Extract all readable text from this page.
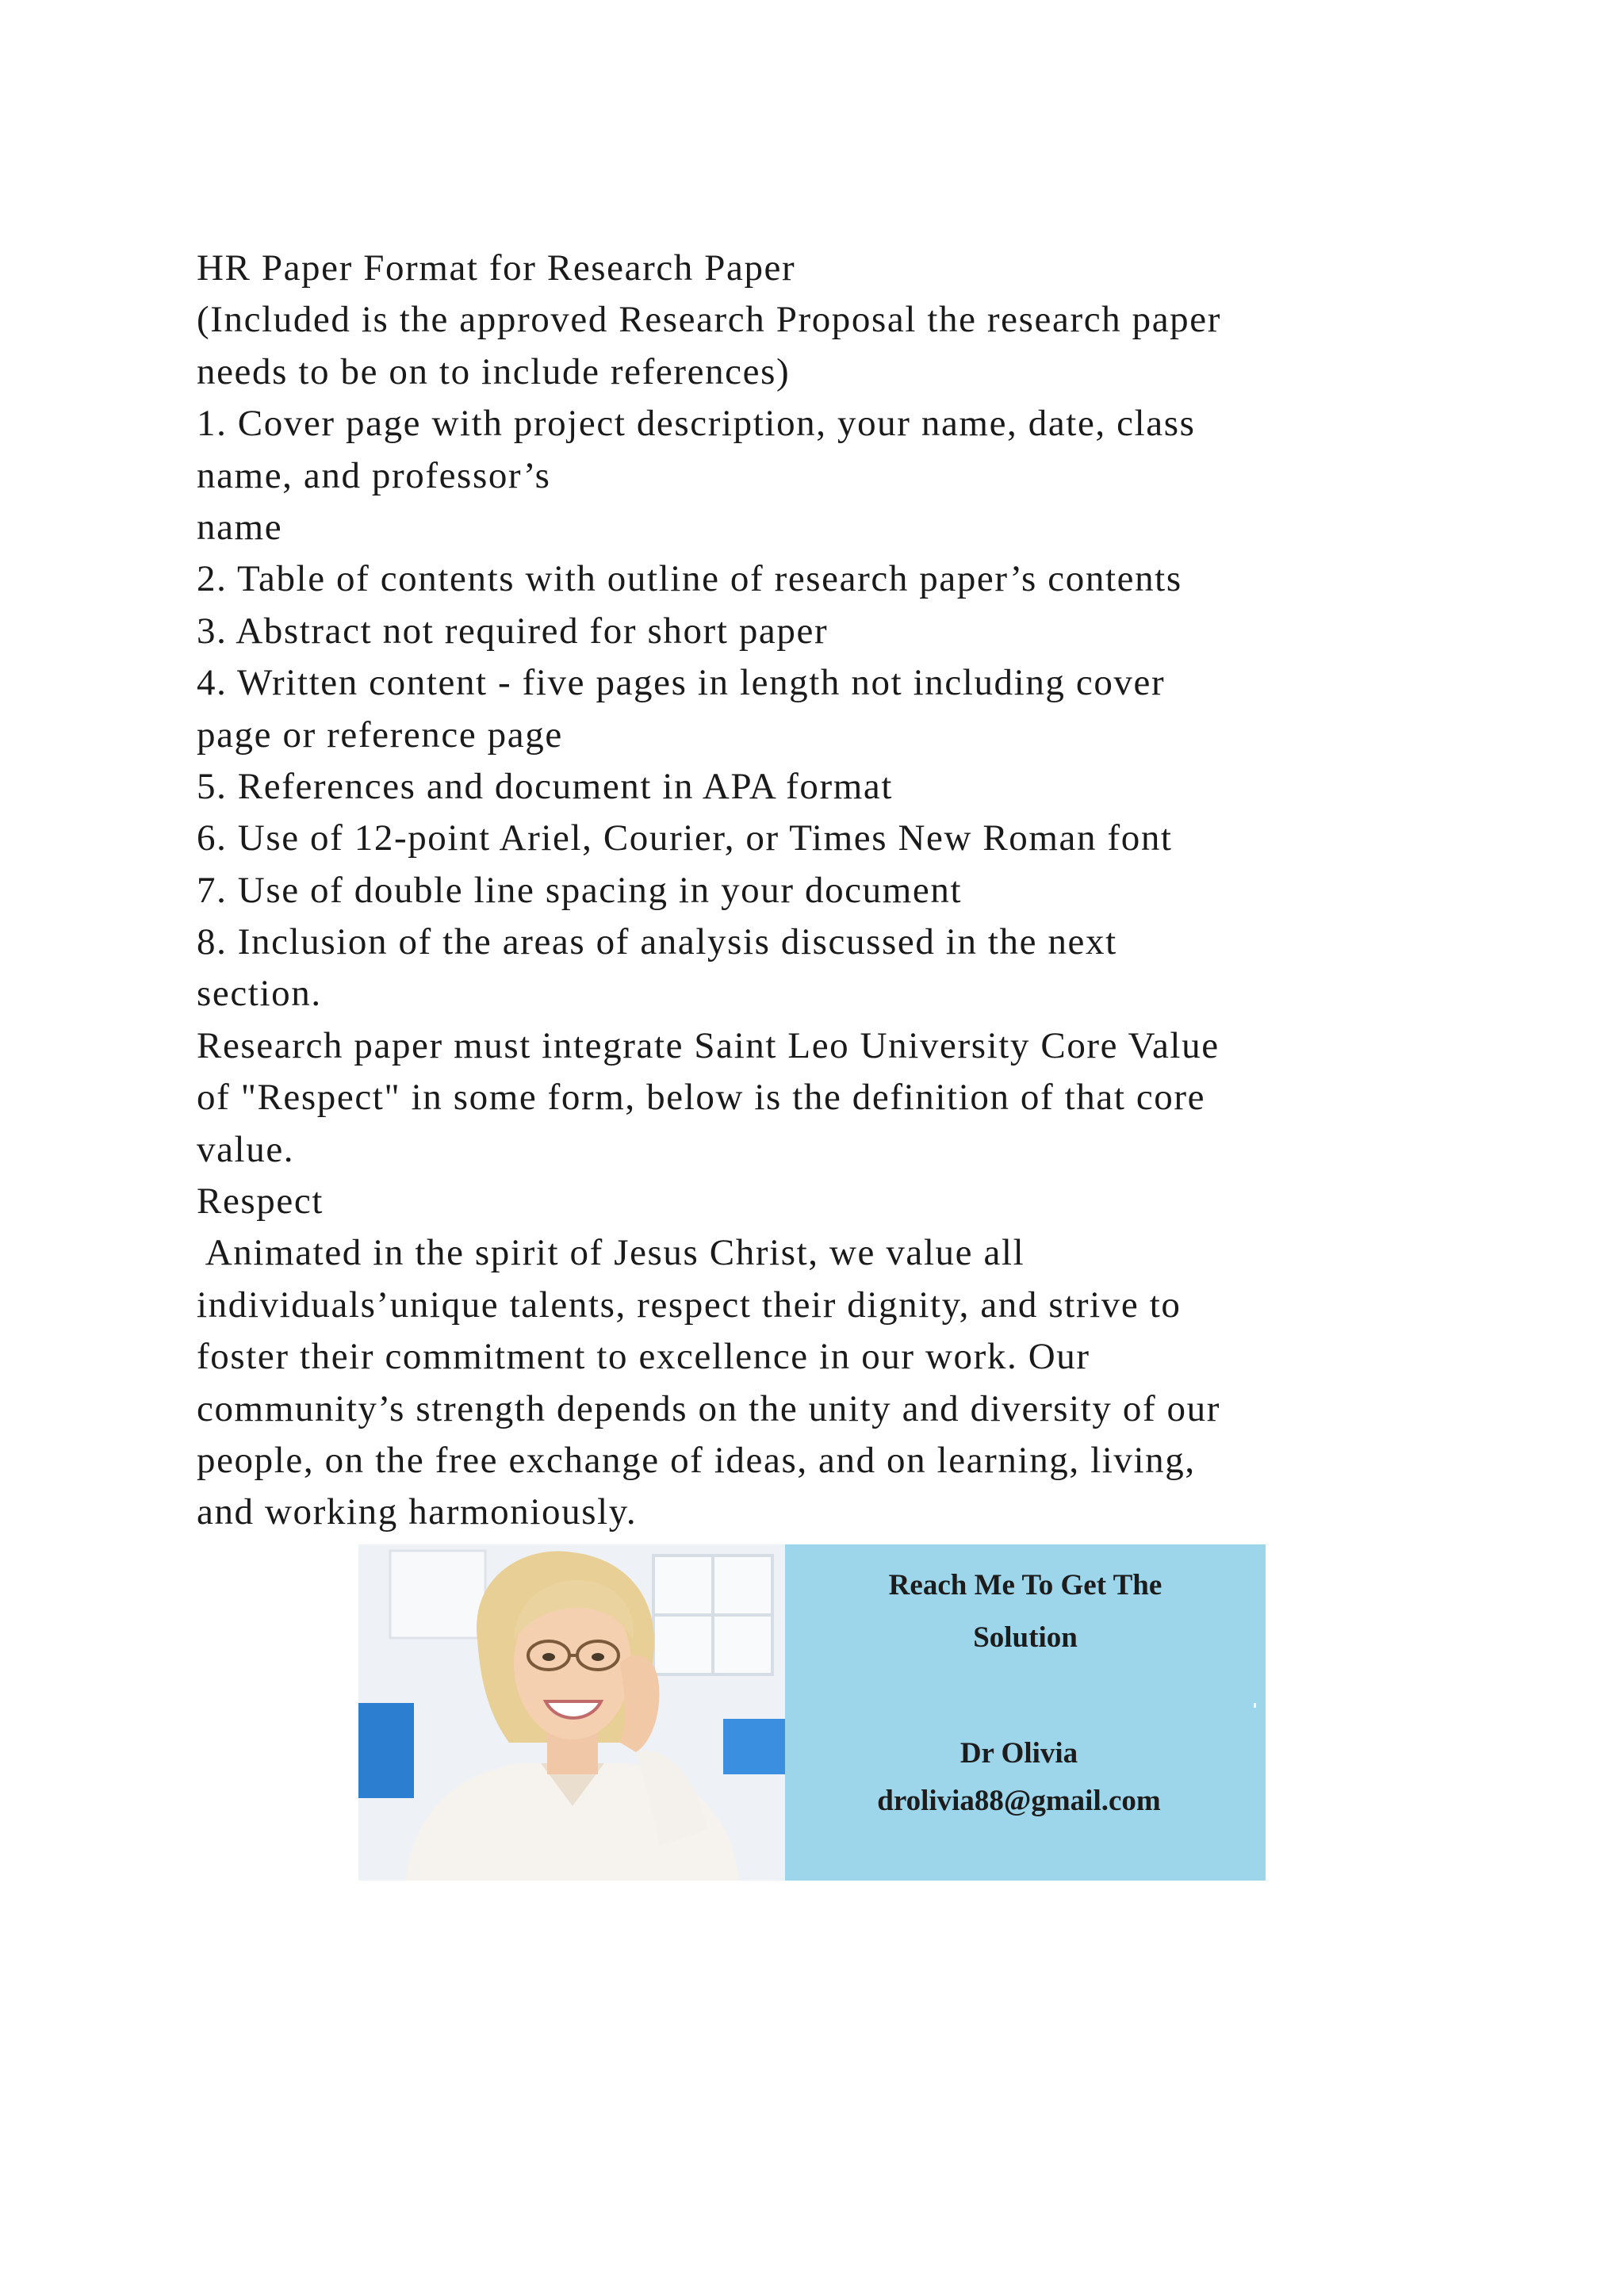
HR Paper Format for Research Paper
(Included is the approved Research Proposal the research paper
needs to be on to include references)
1. Cover page with project description, your name, date, class
name, and professor’s
name
2. Table of contents with outline of research paper’s contents
3. Abstract not required for short paper
4. Written content - five pages in length not including cover
page or reference page
5. References and document in APA format
6. Use of 12-point Ariel, Courier, or Times New Roman font
7. Use of double line spacing in your document
8. Inclusion of the areas of analysis discussed in the next
section.
Research paper must integrate Saint Leo University Core Value
of "Respect" in some form, below is the definition of that core
value.
Respect
Animated in the spirit of Jesus Christ, we value all
individuals’unique talents, respect their dignity, and strive to
foster their commitment to excellence in our work. Our
community’s strength depends on the unity and diversity of our
people, on the free exchange of ideas, and on learning, living,
and working harmoniously.
Reach Me To Get The
Solution
Dr Olivia
drolivia88@gmail.com
